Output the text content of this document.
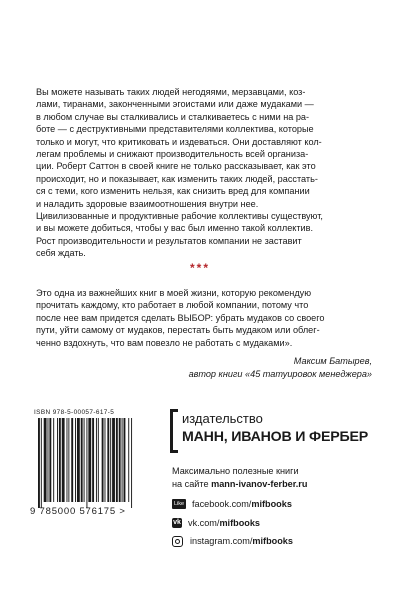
Вы можете называть таких людей негодяями, мерзавцами, коз-
лами, тиранами, законченными эгоистами или даже мудаками —
в любом случае вы сталкивались и сталкиваетесь с ними на ра-
боте — с деструктивными представителями коллектива, которые
только и могут, что критиковать и издеваться. Они доставляют кол-
легам проблемы и снижают производительность всей организа-
ции. Роберт Саттон в своей книге не только рассказывает, как это
происходит, но и показывает, как изменить таких людей, расстать-
ся с теми, кого изменить нельзя, как снизить вред для компании
и наладить здоровые взаимоотношения внутри нее.
Цивилизованные и продуктивные рабочие коллективы существуют,
и вы можете добиться, чтобы у вас был именно такой коллектив.
Рост производительности и результатов компании не заставит
себя ждать.

***

Это одна из важнейших книг в моей жизни, которую рекомендую
прочитать каждому, кто работает в любой компании, потому что
после нее вам придется сделать ВЫБОР: убрать мудаков со своего
пути, уйти самому от мудаков, перестать быть мудаком или облег-
ченно вздохнуть, что вам повезло не работать с мудаками».

Максим Батырев,
автор книги «45 татуировок менеджера»
ISBN 978-5-00057-617-5
9 785000 576175 >
издательство
МАНН, ИВАНОВ И ФЕРБЕР
Максимально полезные книги
на сайте mann-ivanov-ferber.ru
Like facebook.com/ mifbooks
vk vk.com/ mifbooks
instagram.com/ mifbooks
